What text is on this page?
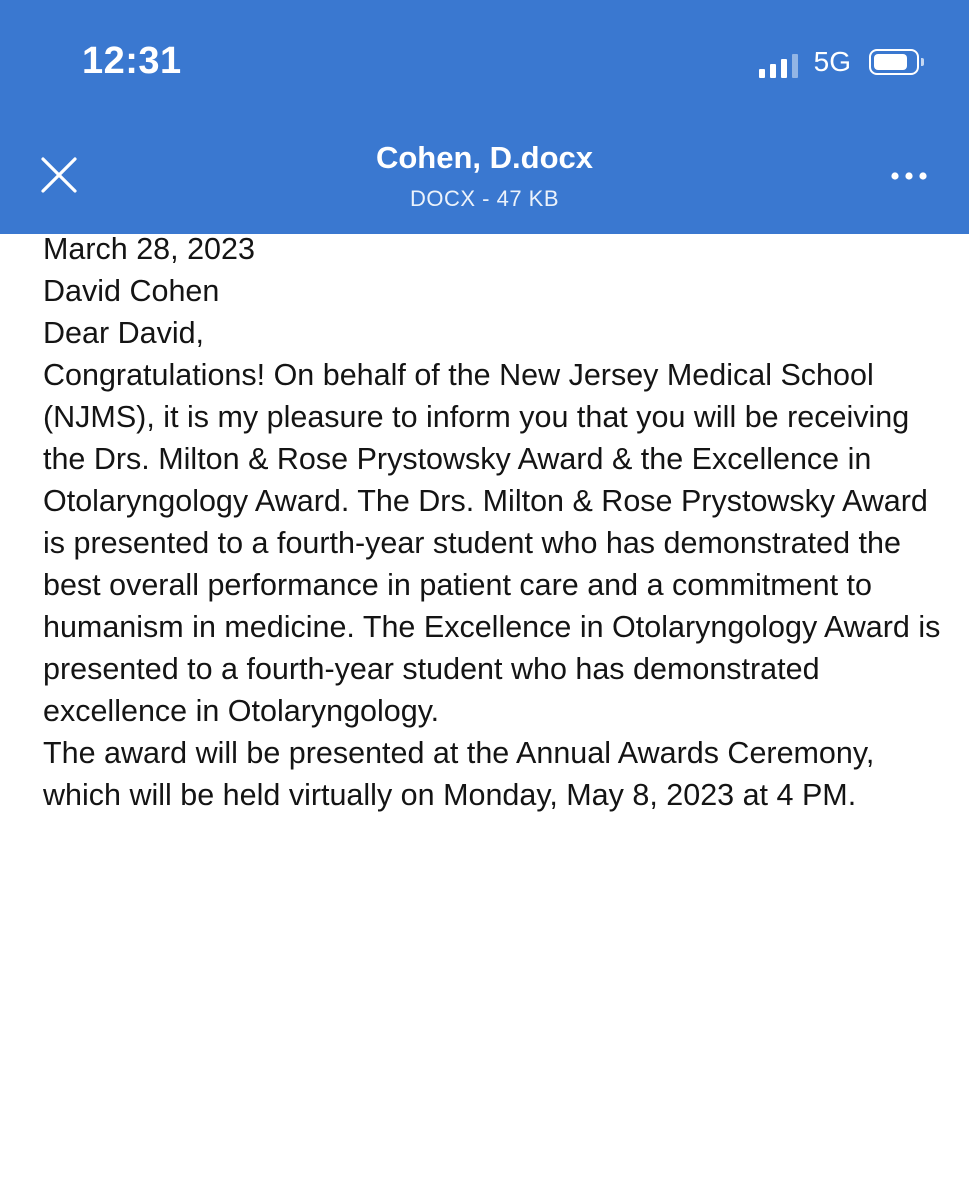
12:31	5G
Cohen, D.docx
DOCX - 47 KB

March 28, 2023

David Cohen

Dear David,

Congratulations! On behalf of the New Jersey Medical School (NJMS), it is my pleasure to inform you that you will be receiving the Drs. Milton & Rose Prystowsky Award & the Excellence in Otolaryngology Award. The Drs. Milton & Rose Prystowsky Award is presented to a fourth-year student who has demonstrated the best overall performance in patient care and a commitment to humanism in medicine. The Excellence in Otolaryngology Award is presented to a fourth-year student who has demonstrated excellence in Otolaryngology.

The award will be presented at the Annual Awards Ceremony, which will be held virtually on Monday, May 8, 2023 at 4 PM.
